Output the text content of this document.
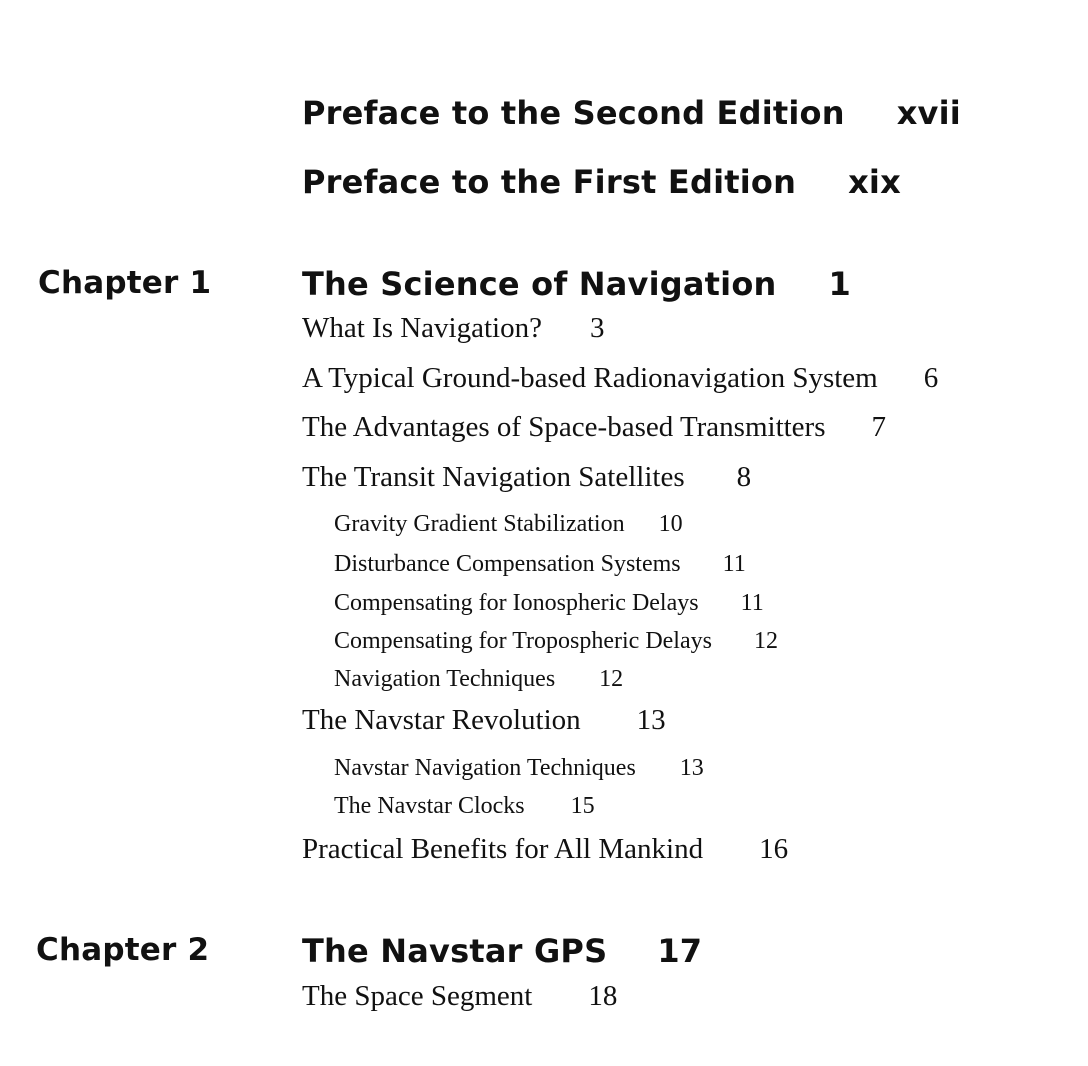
Preface to the Second Edition xvii
Preface to the First Edition xix
Chapter 1	The Science of Navigation 1
What Is Navigation? 3
A Typical Ground-based Radionavigation System 6
The Advantages of Space-based Transmitters 7
The Transit Navigation Satellites 8
Gravity Gradient Stabilization 10
Disturbance Compensation Systems 11
Compensating for Ionospheric Delays 11
Compensating for Tropospheric Delays 12
Navigation Techniques 12
The Navstar Revolution 13
Navstar Navigation Techniques 13
The Navstar Clocks 15
Practical Benefits for All Mankind 16
Chapter 2	The Navstar GPS 17
The Space Segment 18
